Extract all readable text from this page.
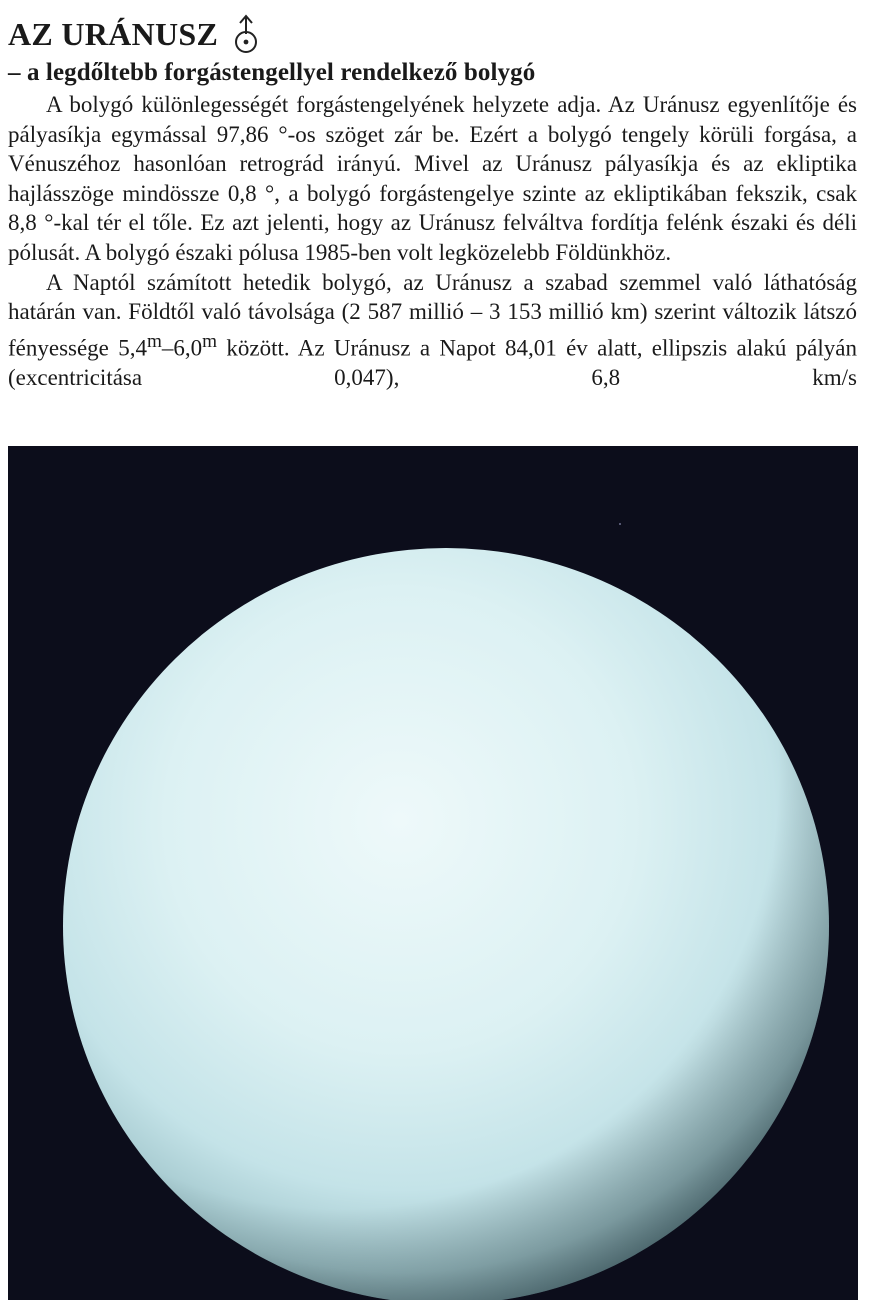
AZ URÁNUSZ
– a legdőltebb forgástengellyel rendelkező bolygó

A bolygó különlegességét forgástengelyének helyzete adja. Az Uránusz egyenlítője és pályasíkja egymással 97,86 °-os szöget zár be. Ezért a bolygó tengely körüli forgása, a Vénuszéhoz hasonlóan retrográd irányú. Mivel az Uránusz pályasíkja és az ekliptika hajlásszöge mindössze 0,8 °, a bolygó forgástengelye szinte az ekliptikában fekszik, csak 8,8 °-kal tér el tőle. Ez azt jelenti, hogy az Uránusz felváltva fordítja felénk északi és déli pólusát. A bolygó északi pólusa 1985-ben volt legközelebb Földünkhöz.

A Naptól számított hetedik bolygó, az Uránusz a szabad szemmel való láthatóság határán van. Földtől való távolsága (2 587 millió – 3 153 millió km) szerint változik látszó fényessége 5,4$^m$–6,0$^m$ között. Az Uránusz a Napot 84,01 év alatt, ellipszis alakú pályán (excentricitása 0,047), 6,8 km/s
